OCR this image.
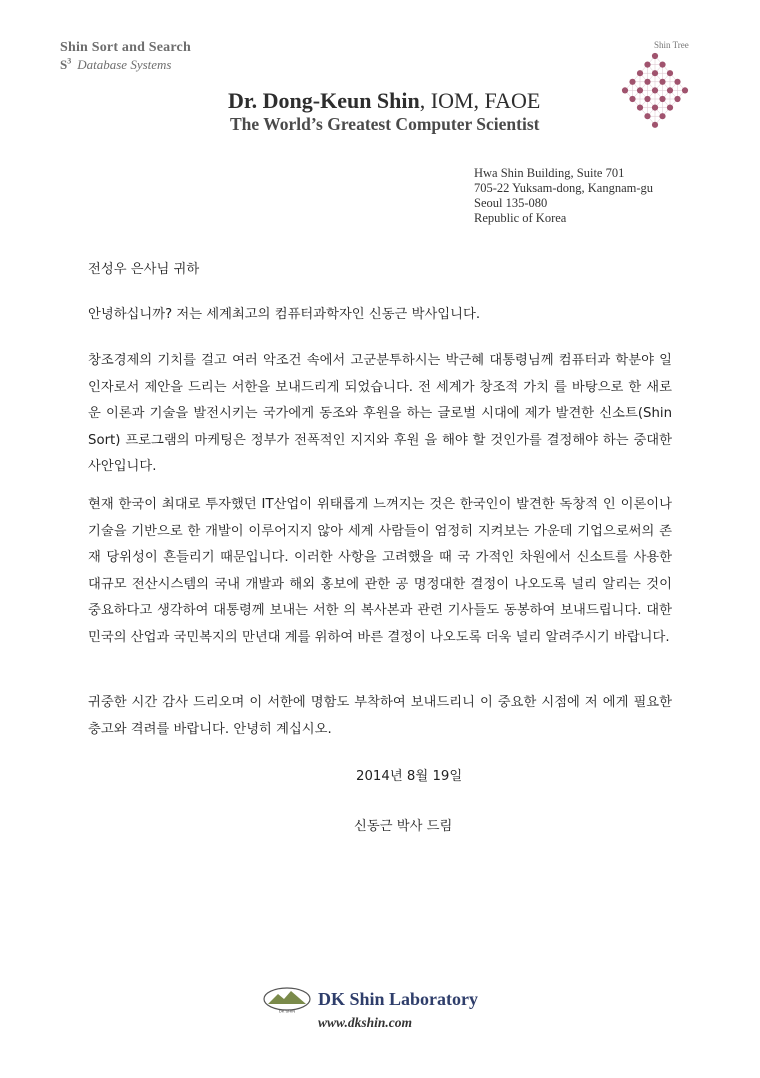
Shin Sort and Search
$S^3$ Database Systems
Dr. Dong-Keun Shin, IOM, FAOE
The World’s Greatest Computer Scientist
Shin Tree
Hwa Shin Building, Suite 701
705-22 Yuksam-dong, Kangnam-gu
Seoul 135-080
Republic of Korea
전성우 은사님 귀하
안녕하십니까? 저는 세계최고의 컴퓨터과학자인 신동근 박사입니다.
창조경제의 기치를 걸고 여러 악조건 속에서 고군분투하시는 박근혜 대통령님께 컴퓨터과 학분야 일인자로서 제안을 드리는 서한을 보내드리게 되었습니다. 전 세계가 창조적 가치 를 바탕으로 한 새로운 이론과 기술을 발전시키는 국가에게 동조와 후원을 하는 글로벌 시대에 제가 발견한 신소트(Shin Sort) 프로그램의 마케팅은 정부가 전폭적인 지지와 후원 을 해야 할 것인가를 결정해야 하는 중대한 사안입니다.
현재 한국이 최대로 투자했던 IT산업이 위태롭게 느껴지는 것은 한국인이 발견한 독창적 인 이론이나 기술을 기반으로 한 개발이 이루어지지 않아 세계 사람들이 엄정히 지켜보는 가운데 기업으로써의 존재 당위성이 흔들리기 때문입니다. 이러한 사항을 고려했을 때 국 가적인 차원에서 신소트를 사용한 대규모 전산시스템의 국내 개발과 해외 홍보에 관한 공 명정대한 결정이 나오도록 널리 알리는 것이 중요하다고 생각하여 대통령께 보내는 서한 의 복사본과 관련 기사들도 동봉하여 보내드립니다. 대한민국의 산업과 국민복지의 만년대 계를 위하여 바른 결정이 나오도록 더욱 널리 알려주시기 바랍니다.
귀중한 시간 감사 드리오며 이 서한에 명함도 부착하여 보내드리니 이 중요한 시점에 저 에게 필요한 충고와 격려를 바랍니다. 안녕히 계십시오.
2014년 8월 19일
신동근 박사 드림
DK SHIN
DK Shin Laboratory
www.dkshin.com
